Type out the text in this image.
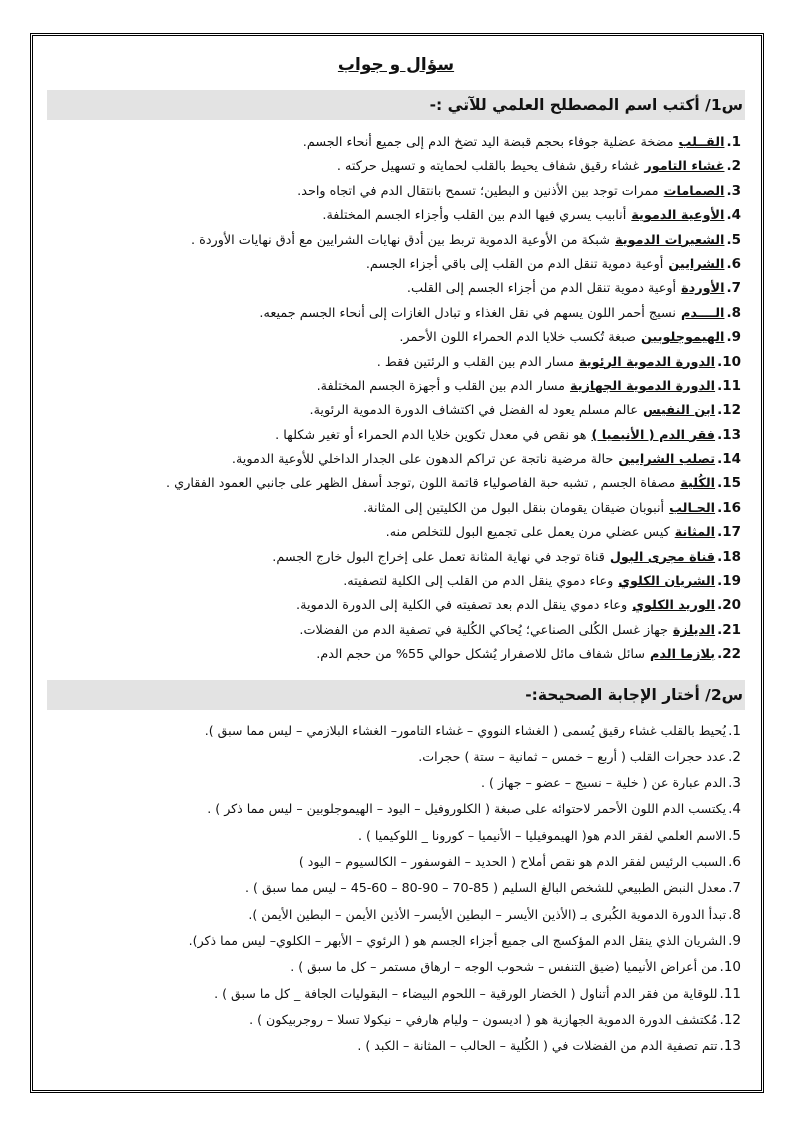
سؤال و جواب
س1/ أكتب اسم المصطلح العلمي للآتي :-
1.
القــلب
مضخة عضلية جوفاء بحجم قبضة اليد تضخ الدم إلى جميع أنحاء الجسم.
2.
غشاء التامور
غشاء رقيق شفاف يحيط بالقلب لحمايته و تسهيل حركته .
3.
الصمامات
ممرات توجد بين الأذنين و البطين؛ تسمح بانتقال الدم في اتجاه واحد.
4.
الأوعية الدموية
أنابيب يسري فيها الدم بين القلب وأجزاء الجسم المختلفة.
5.
الشعيرات الدموية
شبكة من الأوعية الدموية تربط بين أدق نهايات الشرايين مع أدق نهايات الأوردة .
6.
الشرايين
أوعية دموية تنقل الدم من القلب إلى باقي أجزاء الجسم.
7.
الأوردة
أوعية دموية تنقل الدم من أجزاء الجسم إلى القلب.
8.
الــــدم
نسيج أحمر اللون يسهم في نقل الغذاء و تبادل الغازات إلى أنحاء الجسم جميعه.
9.
الهيموجلوبين
صبغة تُكسب خلايا الدم الحمراء اللون الأحمر.
10.
الدورة الدموية الرئوية
مسار الدم بين القلب و الرئتين فقط .
11.
الدورة الدموية الجهازية
مسار الدم بين القلب و أجهزة الجسم المختلفة.
12.
ابن النفيس
عالم مسلم يعود له الفضل في اكتشاف الدورة الدموية الرئوية.
13.
فقر الدم ( الأنيميا )
هو نقص في معدل تكوين خلايا الدم الحمراء أو تغير شكلها .
14.
تصلب الشرايين
حالة مرضية ناتجة عن تراكم الدهون على الجدار الداخلي للأوعية الدموية.
15.
الكُلية
مصفاة الجسم , تشبه حبة الفاصولياء قاتمة اللون ,توجد أسفل الظهر على جانبي العمود الفقاري .
16.
الحـالب
أنبوبان ضيقان يقومان بنقل البول من الكليتين إلى المثانة.
17.
المثانة
كيس عضلي مرن يعمل على تجميع البول للتخلص منه.
18.
قناة مجرى البول
قناة توجد في نهاية المثانة تعمل على إخراج البول خارج الجسم.
19.
الشريان الكلوي
وعاء دموي ينقل الدم من القلب إلى الكلية لتصفيته.
20.
الوريد الكلوي
وعاء دموي ينقل الدم بعد تصفيته في الكلية إلى الدورة الدموية.
21.
الديلزة
جهاز غسل الكُلى الصناعي؛ يُحاكي الكُلية في تصفية الدم من الفضلات.
22.
بلازما الدم
سائل شفاف مائل للاصفرار يُشكل حوالي 55% من حجم الدم.
س2/ أختار الإجابة الصحيحة:-
1.
يُحيط بالقلب غشاء رقيق يُسمى ( الغشاء النووي – غشاء التامور– الغشاء البلازمي – ليس مما سبق ).
2.
عدد حجرات القلب ( أربع – خمس – ثمانية – ستة ) حجرات.
3.
الدم عبارة عن ( خلية – نسيج – عضو – جهاز ) .
4.
يكتسب الدم اللون الأحمر لاحتوائه على صبغة ( الكلوروفيل – اليود – الهيموجلوبين – ليس مما ذكر ) .
5.
الاسم العلمي لفقر الدم هو( الهيموفيليا – الأنيميا – كورونا _ اللوكيميا ) .
6.
السبب الرئيس لفقر الدم هو نقص أملاح ( الحديد – الفوسفور – الكالسيوم – اليود )
7.
معدل النبض الطبيعي للشخص البالغ السليم ( 85-70 – 90-80 – 60-45 – ليس مما سبق ) .
8.
تبدأ الدورة الدموية الكُبرى بـ (الأذين الأيسر – البطين الأيسر– الأذين الأيمن – البطين الأيمن ).
9.
الشريان الذي ينقل الدم المؤكسج الى جميع أجزاء الجسم هو ( الرئوي – الأبهر – الكلوي– ليس مما ذكر).
10.
من أعراض الأنيميا (ضيق التنفس – شحوب الوجه – ارهاق مستمر – كل ما سبق ) .
11.
للوقاية من فقر الدم أتناول ( الخضار الورقية – اللحوم البيضاء – البقوليات الجافة _ كل ما سبق ) .
12.
مُكتشف الدورة الدموية الجهازية هو ( اديسون – وليام هارفي – نيكولا تسلا – روجربيكون ) .
13.
تتم تصفية الدم من الفضلات في ( الكُلية – الحالب – المثانة – الكبد ) .
